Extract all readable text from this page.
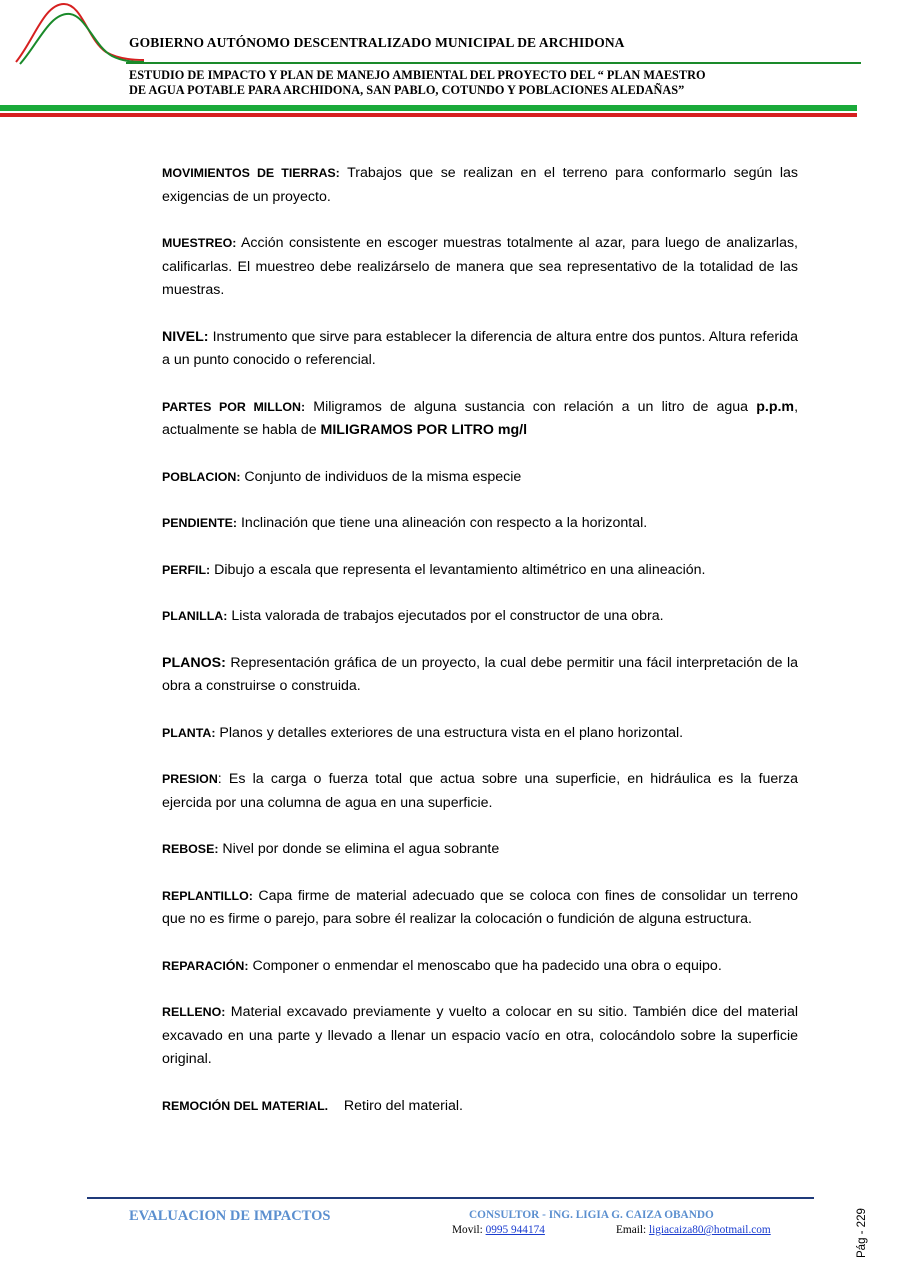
GOBIERNO AUTÓNOMO DESCENTRALIZADO MUNICIPAL DE ARCHIDONA
ESTUDIO DE IMPACTO Y PLAN DE MANEJO AMBIENTAL DEL PROYECTO DEL “ PLAN MAESTRO
DE AGUA POTABLE PARA ARCHIDONA, SAN PABLO, COTUNDO Y POBLACIONES ALEDAÑAS”

MOVIMIENTOS DE TIERRAS: Trabajos que se realizan en el terreno para conformarlo según las exigencias de un proyecto.

MUESTREO: Acción consistente en escoger muestras totalmente al azar, para luego de analizarlas, calificarlas. El muestreo debe realizárselo de manera que sea representativo de la totalidad de las muestras.

NIVEL: Instrumento que sirve para establecer la diferencia de altura entre dos puntos. Altura referida a un punto conocido o referencial.

PARTES POR MILLON: Miligramos de alguna sustancia con relación a un litro de agua p.p.m, actualmente se habla de MILIGRAMOS POR LITRO mg/l

POBLACION: Conjunto de individuos de la misma especie

PENDIENTE: Inclinación que tiene una alineación con respecto a la horizontal.

PERFIL: Dibujo a escala que representa el levantamiento altimétrico en una alineación.

PLANILLA: Lista valorada de trabajos ejecutados por el constructor de una obra.

PLANOS: Representación gráfica de un proyecto, la cual debe permitir una fácil interpretación de la obra a construirse o construida.

PLANTA: Planos y detalles exteriores de una estructura vista en el plano horizontal.

PRESION: Es la carga o fuerza total que actua sobre una superficie, en hidráulica es la fuerza ejercida por una columna de agua en una superficie.

REBOSE: Nivel por donde se elimina el agua sobrante

REPLANTILLO: Capa firme de material adecuado que se coloca con fines de consolidar un terreno que no es firme o parejo, para sobre él realizar la colocación o fundición de alguna estructura.

REPARACIÓN: Componer o enmendar el menoscabo que ha padecido una obra o equipo.

RELLENO: Material excavado previamente y vuelto a colocar en su sitio. También dice del material excavado en una parte y llevado a llenar un espacio vacío en otra, colocándolo sobre la superficie original.

REMOCIÓN DEL MATERIAL.    Retiro del material.

EVALUACION DE IMPACTOS	CONSULTOR - ING. LIGIA G. CAIZA OBANDO
Movil: 0995 944174	Email: ligiacaiza80@hotmail.com	Pág - 229
